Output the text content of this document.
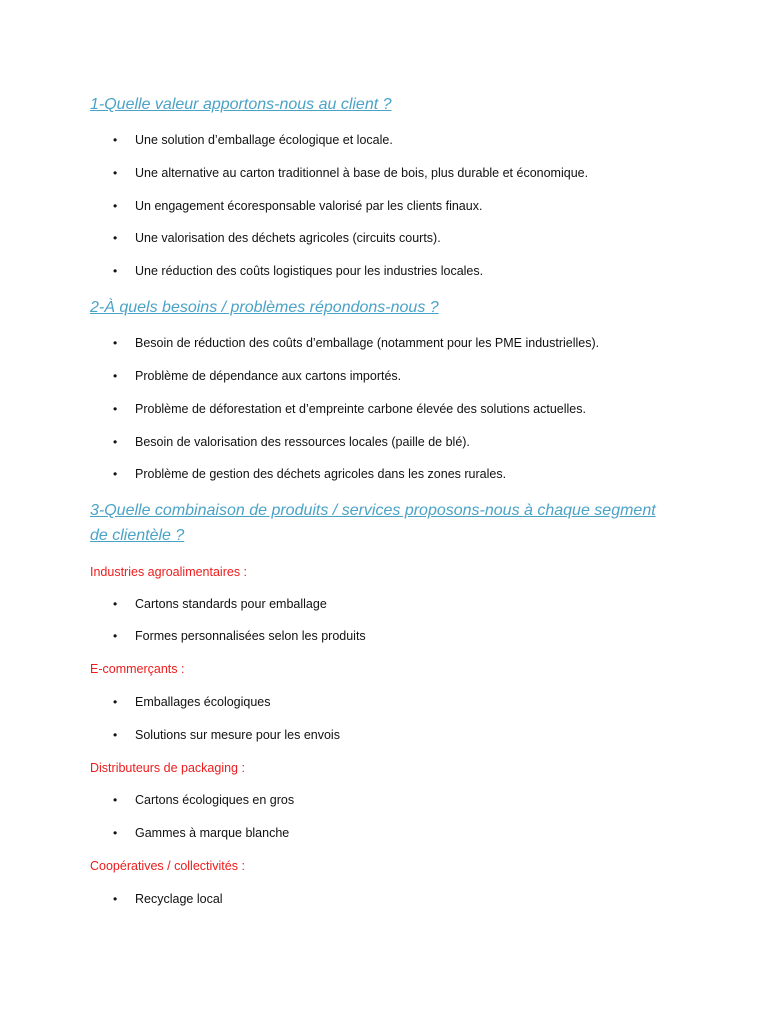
1-Quelle valeur apportons-nous au client ?
• Une solution d’emballage écologique et locale.
• Une alternative au carton traditionnel à base de bois, plus durable et économique.
• Un engagement écoresponsable valorisé par les clients finaux.
• Une valorisation des déchets agricoles (circuits courts).
• Une réduction des coûts logistiques pour les industries locales.
2-À quels besoins / problèmes répondons-nous ?
• Besoin de réduction des coûts d’emballage (notamment pour les PME industrielles).
• Problème de dépendance aux cartons importés.
• Problème de déforestation et d’empreinte carbone élevée des solutions actuelles.
• Besoin de valorisation des ressources locales (paille de blé).
• Problème de gestion des déchets agricoles dans les zones rurales.
3-Quelle combinaison de produits / services proposons-nous à chaque segment
de clientèle ?

Industries agroalimentaires :

• Cartons standards pour emballage
• Formes personnalisées selon les produits

E-commerçants :

• Emballages écologiques
• Solutions sur mesure pour les envois

Distributeurs de packaging :

• Cartons écologiques en gros
• Gammes à marque blanche

Coopératives / collectivités :

• Recyclage local
